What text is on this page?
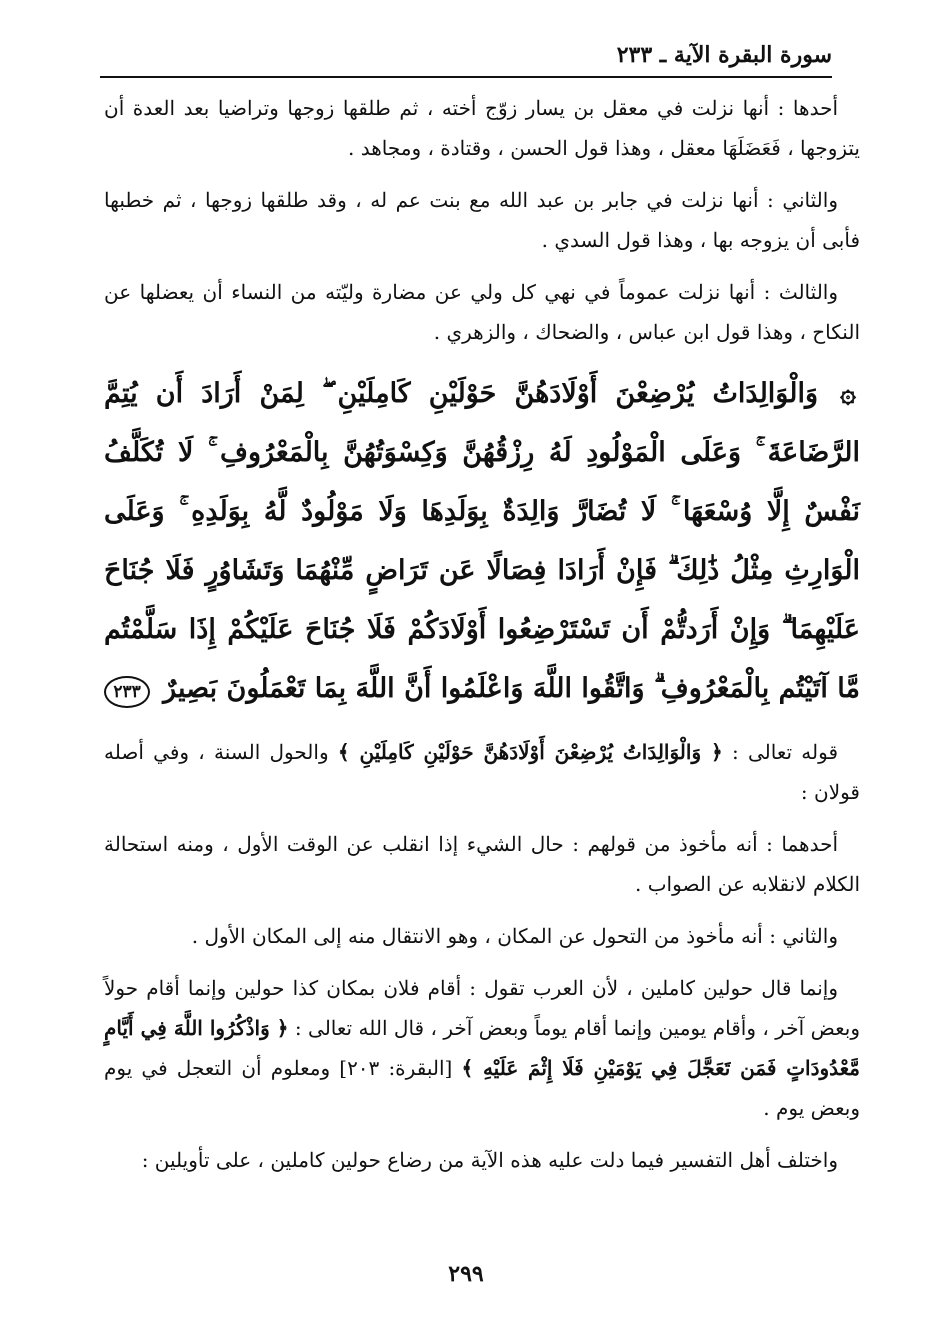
سورة البقرة الآية ـ ٢٣٣

أحدها : أنها نزلت في معقل بن يسار زوّج أخته ، ثم طلقها زوجها وتراضيا بعد العدة أن يتزوجها ، فَعَضَلَهَا معقل ، وهذا قول الحسن ، وقتادة ، ومجاهد .

والثاني : أنها نزلت في جابر بن عبد الله مع بنت عم له ، وقد طلقها زوجها ، ثم خطبها فأبى أن يزوجه بها ، وهذا قول السدي .

والثالث : أنها نزلت عموماً في نهي كل ولي عن مضارة وليّته من النساء أن يعضلها عن النكاح ، وهذا قول ابن عباس ، والضحاك ، والزهري .

۞ وَالْوَالِدَاتُ يُرْضِعْنَ أَوْلَادَهُنَّ حَوْلَيْنِ كَامِلَيْنِ ۖ لِمَنْ أَرَادَ أَن يُتِمَّ الرَّضَاعَةَ ۚ وَعَلَى الْمَوْلُودِ لَهُ رِزْقُهُنَّ وَكِسْوَتُهُنَّ بِالْمَعْرُوفِ ۚ لَا تُكَلَّفُ نَفْسٌ إِلَّا وُسْعَهَا ۚ لَا تُضَارَّ وَالِدَةٌ بِوَلَدِهَا وَلَا مَوْلُودٌ لَّهُ بِوَلَدِهِ ۚ وَعَلَى الْوَارِثِ مِثْلُ ذَٰلِكَ ۗ فَإِنْ أَرَادَا فِصَالًا عَن تَرَاضٍ مِّنْهُمَا وَتَشَاوُرٍ فَلَا جُنَاحَ عَلَيْهِمَا ۗ وَإِنْ أَرَدتُّمْ أَن تَسْتَرْضِعُوا أَوْلَادَكُمْ فَلَا جُنَاحَ عَلَيْكُمْ إِذَا سَلَّمْتُم مَّا آتَيْتُم بِالْمَعْرُوفِ ۗ وَاتَّقُوا اللَّهَ وَاعْلَمُوا أَنَّ اللَّهَ بِمَا تَعْمَلُونَ بَصِيرٌ ٢٣٣

قوله تعالى : ﴿ وَالْوَالِدَاتُ يُرْضِعْنَ أَوْلَادَهُنَّ حَوْلَيْنِ كَامِلَيْنِ ﴾ والحول السنة ، وفي أصله قولان :

أحدهما : أنه مأخوذ من قولهم : حال الشيء إذا انقلب عن الوقت الأول ، ومنه استحالة الكلام لانقلابه عن الصواب .

والثاني : أنه مأخوذ من التحول عن المكان ، وهو الانتقال منه إلى المكان الأول .

وإنما قال حولين كاملين ، لأن العرب تقول : أقام فلان بمكان كذا حولين وإنما أقام حولاً وبعض آخر ، وأقام يومين وإنما أقام يوماً وبعض آخر ، قال الله تعالى : ﴿ وَاذْكُرُوا اللَّهَ فِي أَيَّامٍ مَّعْدُودَاتٍ فَمَن تَعَجَّلَ فِي يَوْمَيْنِ فَلَا إِثْمَ عَلَيْهِ ﴾ [البقرة: ٢٠٣] ومعلوم أن التعجل في يوم وبعض يوم .

واختلف أهل التفسير فيما دلت عليه هذه الآية من رضاع حولين كاملين ، على تأويلين :

٢٩٩
